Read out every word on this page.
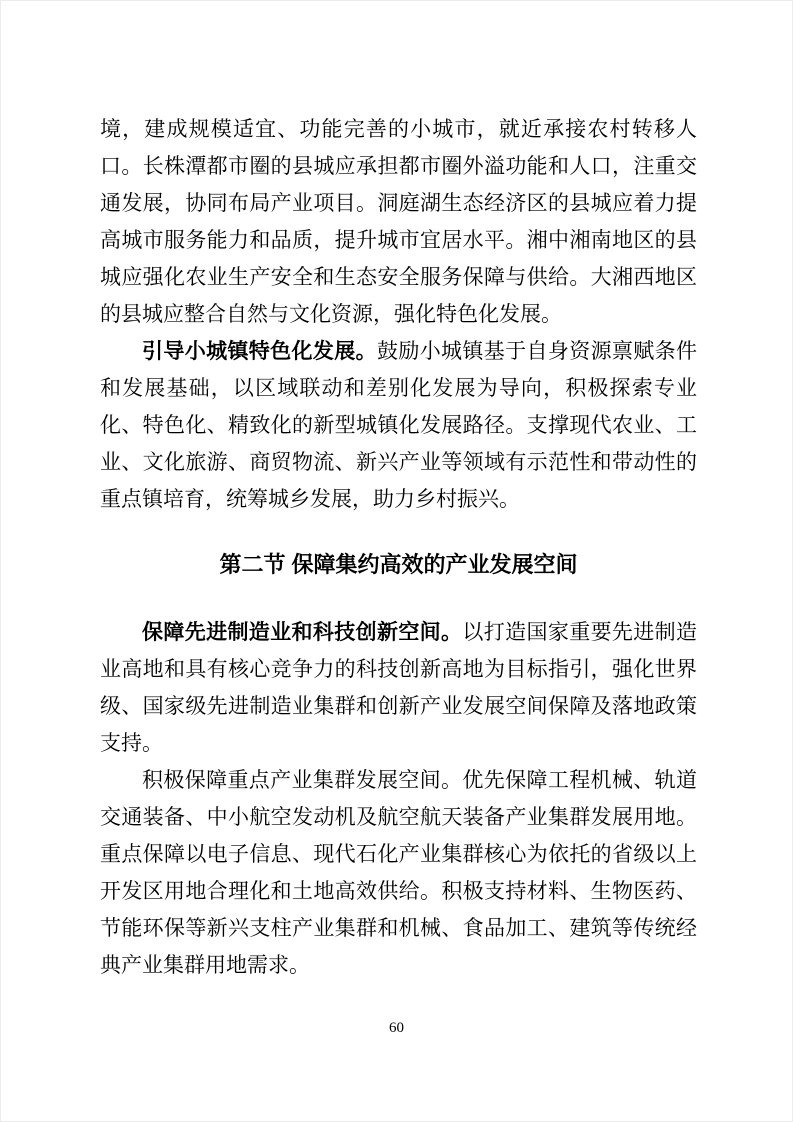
境，建成规模适宜、功能完善的小城市，就近承接农村转移人口。长株潭都市圈的县城应承担都市圈外溢功能和人口，注重交通发展，协同布局产业项目。洞庭湖生态经济区的县城应着力提高城市服务能力和品质，提升城市宜居水平。湘中湘南地区的县城应强化农业生产安全和生态安全服务保障与供给。大湘西地区的县城应整合自然与文化资源，强化特色化发展。

引导小城镇特色化发展。鼓励小城镇基于自身资源禀赋条件和发展基础，以区域联动和差别化发展为导向，积极探索专业化、特色化、精致化的新型城镇化发展路径。支撑现代农业、工业、文化旅游、商贸物流、新兴产业等领域有示范性和带动性的重点镇培育，统筹城乡发展，助力乡村振兴。

第二节 保障集约高效的产业发展空间

保障先进制造业和科技创新空间。以打造国家重要先进制造业高地和具有核心竞争力的科技创新高地为目标指引，强化世界级、国家级先进制造业集群和创新产业发展空间保障及落地政策支持。

积极保障重点产业集群发展空间。优先保障工程机械、轨道交通装备、中小航空发动机及航空航天装备产业集群发展用地。重点保障以电子信息、现代石化产业集群核心为依托的省级以上开发区用地合理化和土地高效供给。积极支持材料、生物医药、节能环保等新兴支柱产业集群和机械、食品加工、建筑等传统经典产业集群用地需求。

60
